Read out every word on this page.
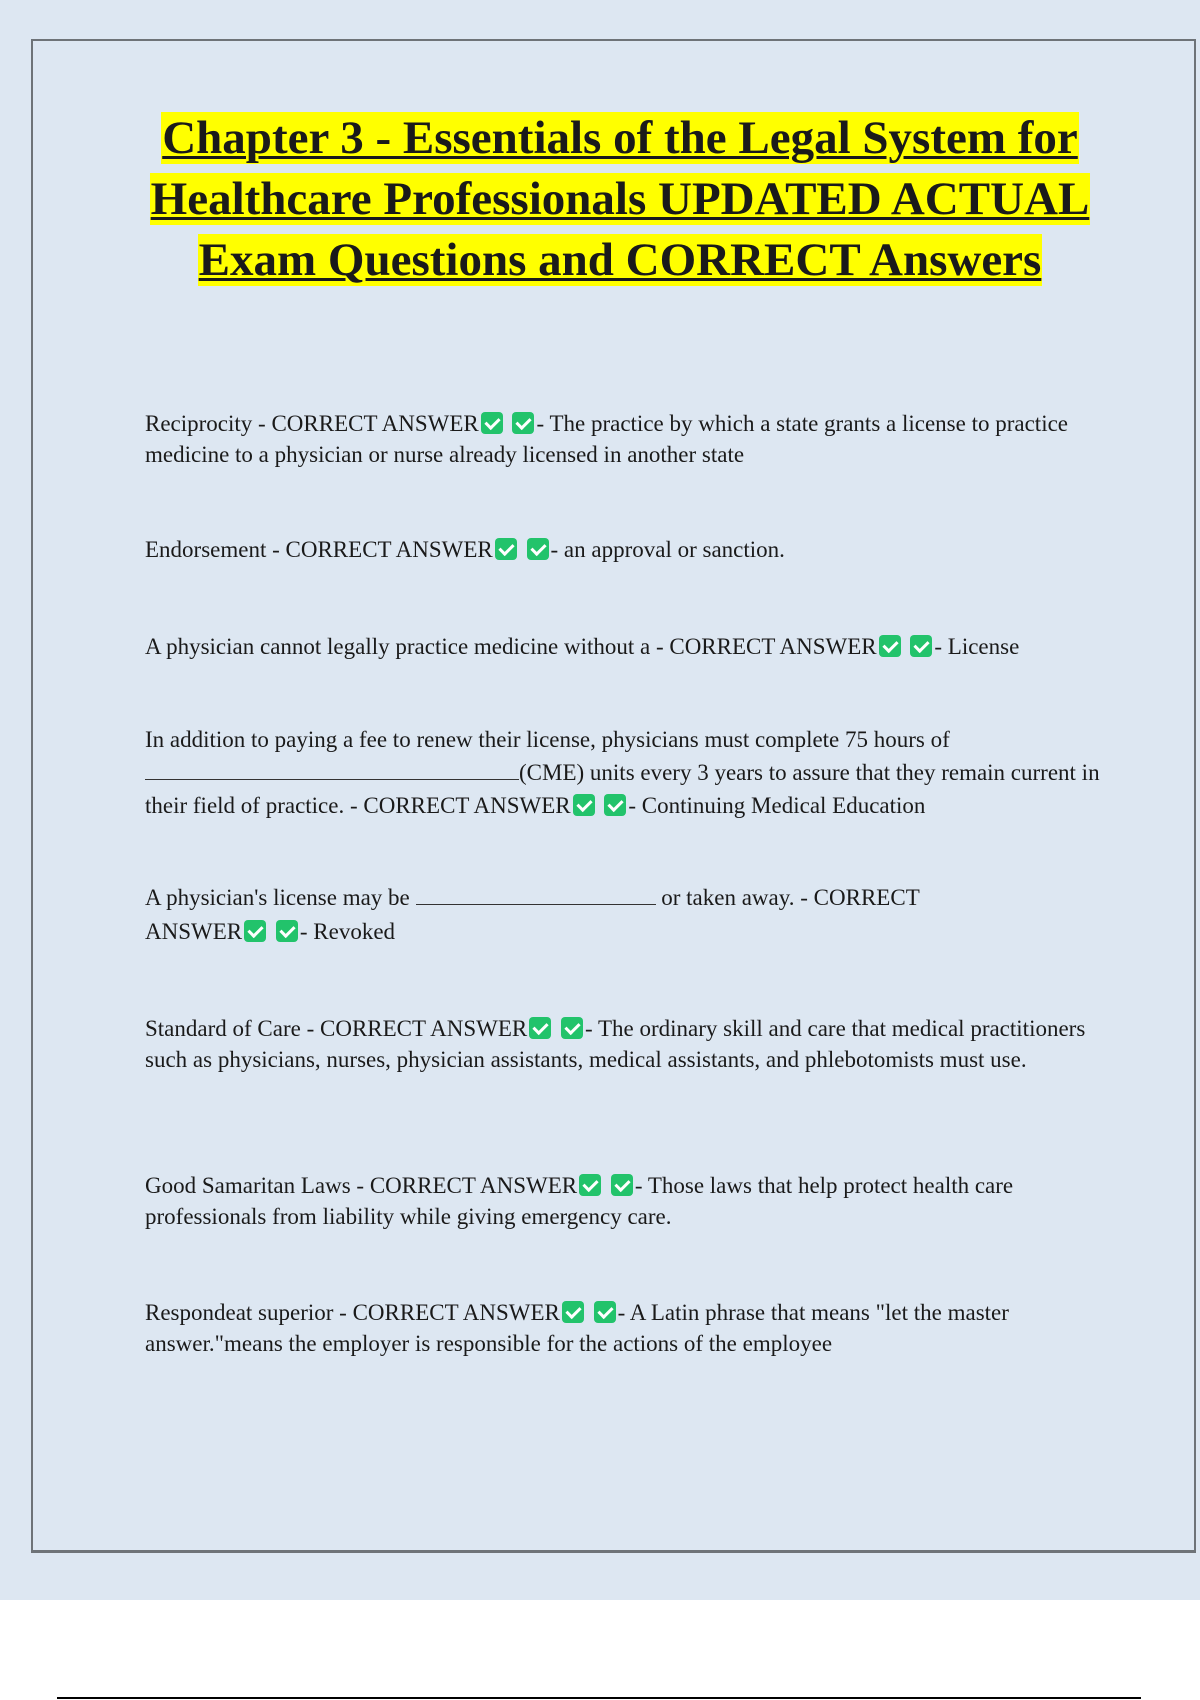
Chapter 3 - Essentials of the Legal System for Healthcare Professionals UPDATED ACTUAL Exam Questions and CORRECT Answers

Reciprocity - CORRECT ANSWER	- The practice by which a state grants a license to practice medicine to a physician or nurse already licensed in another state

Endorsement - CORRECT ANSWER	- an approval or sanction.

A physician cannot legally practice medicine without a - CORRECT ANSWER	- License

In addition to paying a fee to renew their license, physicians must complete 75 hours of (CME) units every 3 years to assure that they remain current in their field of practice. - CORRECT ANSWER	- Continuing Medical Education

A physician's license may be	or taken away. - CORRECT ANSWER	- Revoked

Standard of Care - CORRECT ANSWER	- The ordinary skill and care that medical practitioners such as physicians, nurses, physician assistants, medical assistants, and phlebotomists must use.

Good Samaritan Laws - CORRECT ANSWER	- Those laws that help protect health care professionals from liability while giving emergency care.

Respondeat superior - CORRECT ANSWER	- A Latin phrase that means "let the master answer."means the employer is responsible for the actions of the employee
